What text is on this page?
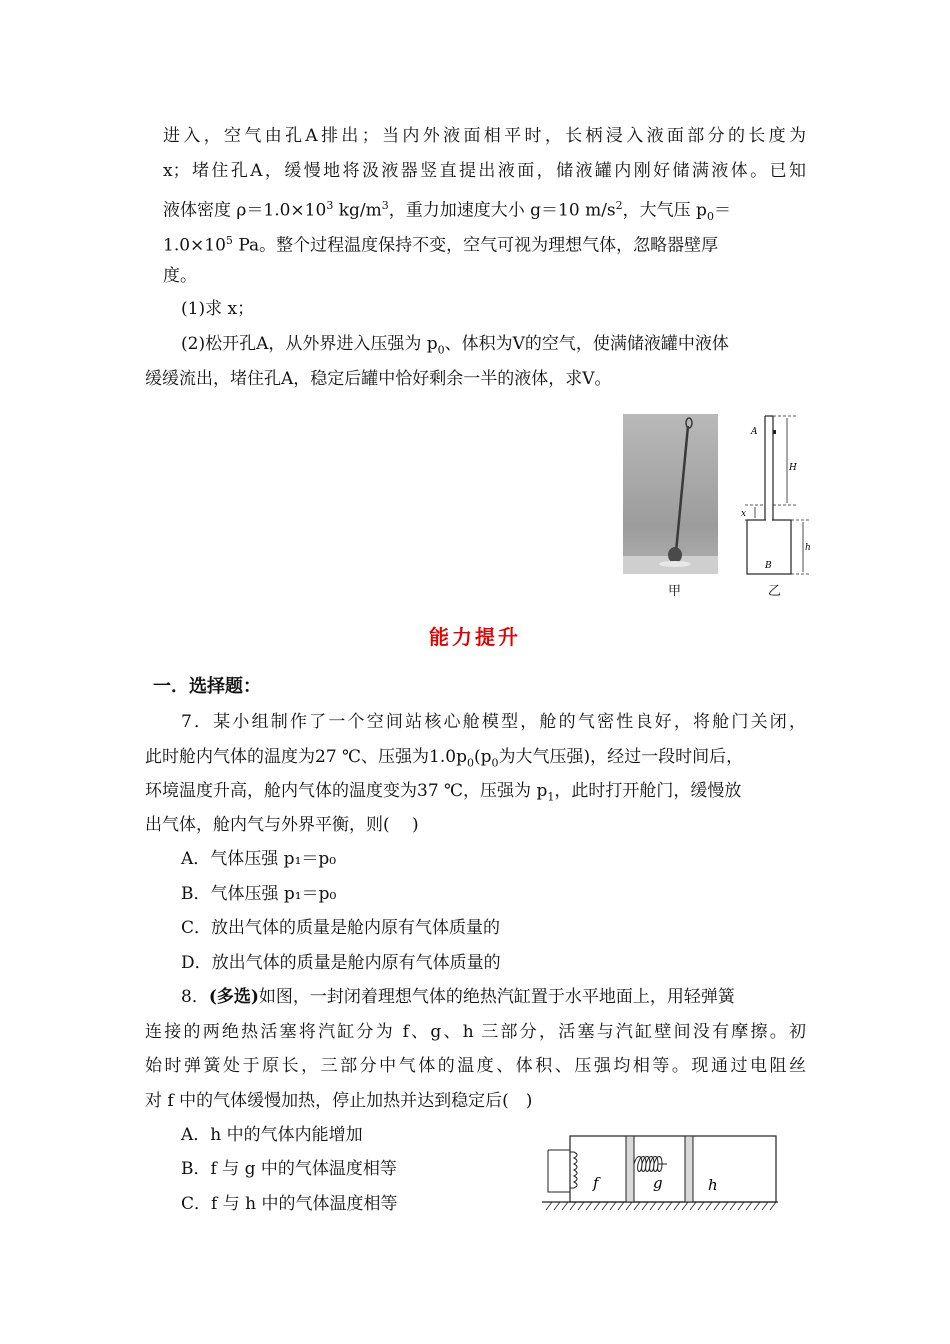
进入，空气由孔A排出；当内外液面相平时，长柄浸入液面部分的长度为
x；堵住孔A，缓慢地将汲液器竖直提出液面，储液罐内刚好储满液体。已知
液体密度 $\rho=1.0\times 10^3$ $kg/m^3$，重力加速度大小 g＝10 $m/s^2$，大气压 $p_0=$
$1.0\times 10^5$ Pa。整个过程温度保持不变，空气可视为理想气体，忽略器壁厚
度。
(1)求 x；
(2)松开孔A，从外界进入压强为 $p_0$、体积为V的空气，使满储液罐中液体
缓缓流出，堵住孔A，稳定后罐中恰好剩余一半的液体，求V。
甲
A
H
x
h
B
乙
能力提升
一．选择题：
7．某小组制作了一个空间站核心舱模型，舱的气密性良好，将舱门关闭，
此时舱内气体的温度为27 ℃、压强为$1.0p_0(p_0$为大气压强)，经过一段时间后，
环境温度升高，舱内气体的温度变为37 ℃，压强为 $p_1$，此时打开舱门，缓慢放
出气体，舱内气与外界平衡，则(　 )
A．气体压强 p₁＝p₀
B．气体压强 p₁＝p₀
C．放出气体的质量是舱内原有气体质量的
D．放出气体的质量是舱内原有气体质量的
8．(多选)如图，一封闭着理想气体的绝热汽缸置于水平地面上，用轻弹簧
连接的两绝热活塞将汽缸分为 f、g、h 三部分，活塞与汽缸壁间没有摩擦。初
始时弹簧处于原长，三部分中气体的温度、体积、压强均相等。现通过电阻丝
对 f 中的气体缓慢加热，停止加热并达到稳定后(　)
A．h 中的气体内能增加
B．f 与 g 中的气体温度相等
C．f 与 h 中的气体温度相等
f	g	h
